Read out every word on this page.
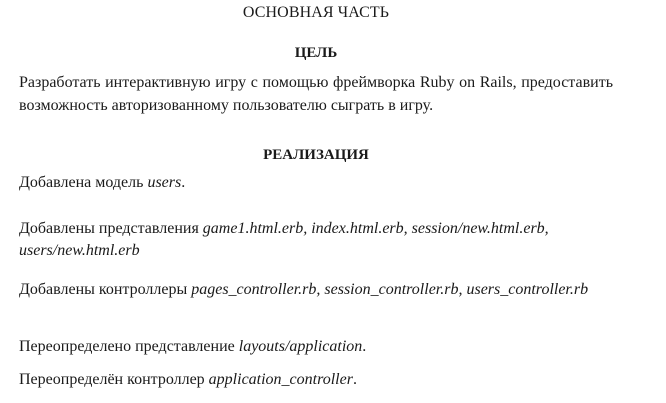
ОСНОВНАЯ ЧАСТЬ
ЦЕЛЬ
Разработать интерактивную игру с помощью фреймворка Ruby on Rails, предоставить возможность авторизованному пользователю сыграть в игру.
РЕАЛИЗАЦИЯ
Добавлена модель users.
Добавлены представления game1.html.erb, index.html.erb, session/new.html.erb, users/new.html.erb
Добавлены контроллеры pages_controller.rb, session_controller.rb, users_controller.rb
Переопределено представление layouts/application.
Переопределён контроллер application_controller.
